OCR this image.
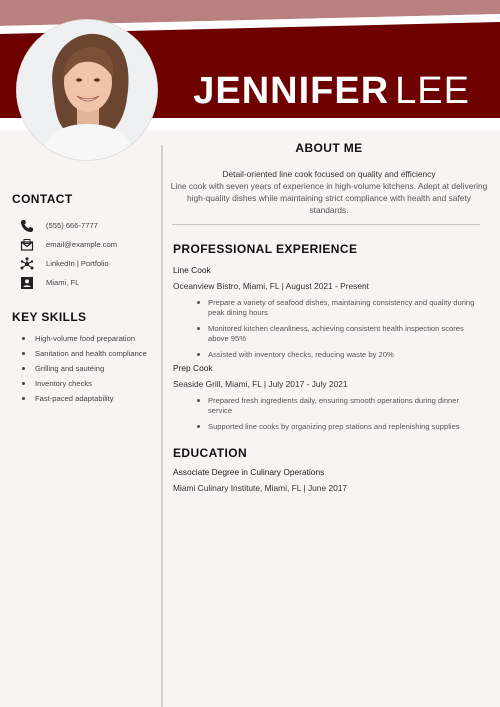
JENNIFER LEE
CONTACT
(555) 666-7777
email@example.com
LinkedIn | Portfolio
Miami, FL
KEY SKILLS
High-volume food preparation
Sanitation and health compliance
Grilling and sautéing
Inventory checks
Fast-paced adaptability
ABOUT ME
Detail-oriented line cook focused on quality and efficiency
Line cook with seven years of experience in high-volume kitchens. Adept at delivering high-quality dishes while maintaining strict compliance with health and safety standards.
PROFESSIONAL EXPERIENCE
Line Cook
Oceanview Bistro, Miami, FL | August 2021 - Present
Prepare a variety of seafood dishes, maintaining consistency and quality during peak dining hours
Monitored kitchen cleanliness, achieving consistent health inspection scores above 95%
Assisted with inventory checks, reducing waste by 20%
Prep Cook
Seaside Grill, Miami, FL | July 2017 - July 2021
Prepared fresh ingredients daily, ensuring smooth operations during dinner service
Supported line cooks by organizing prep stations and replenishing supplies
EDUCATION
Associate Degree in Culinary Operations
Miami Culinary Institute, Miami, FL | June 2017
